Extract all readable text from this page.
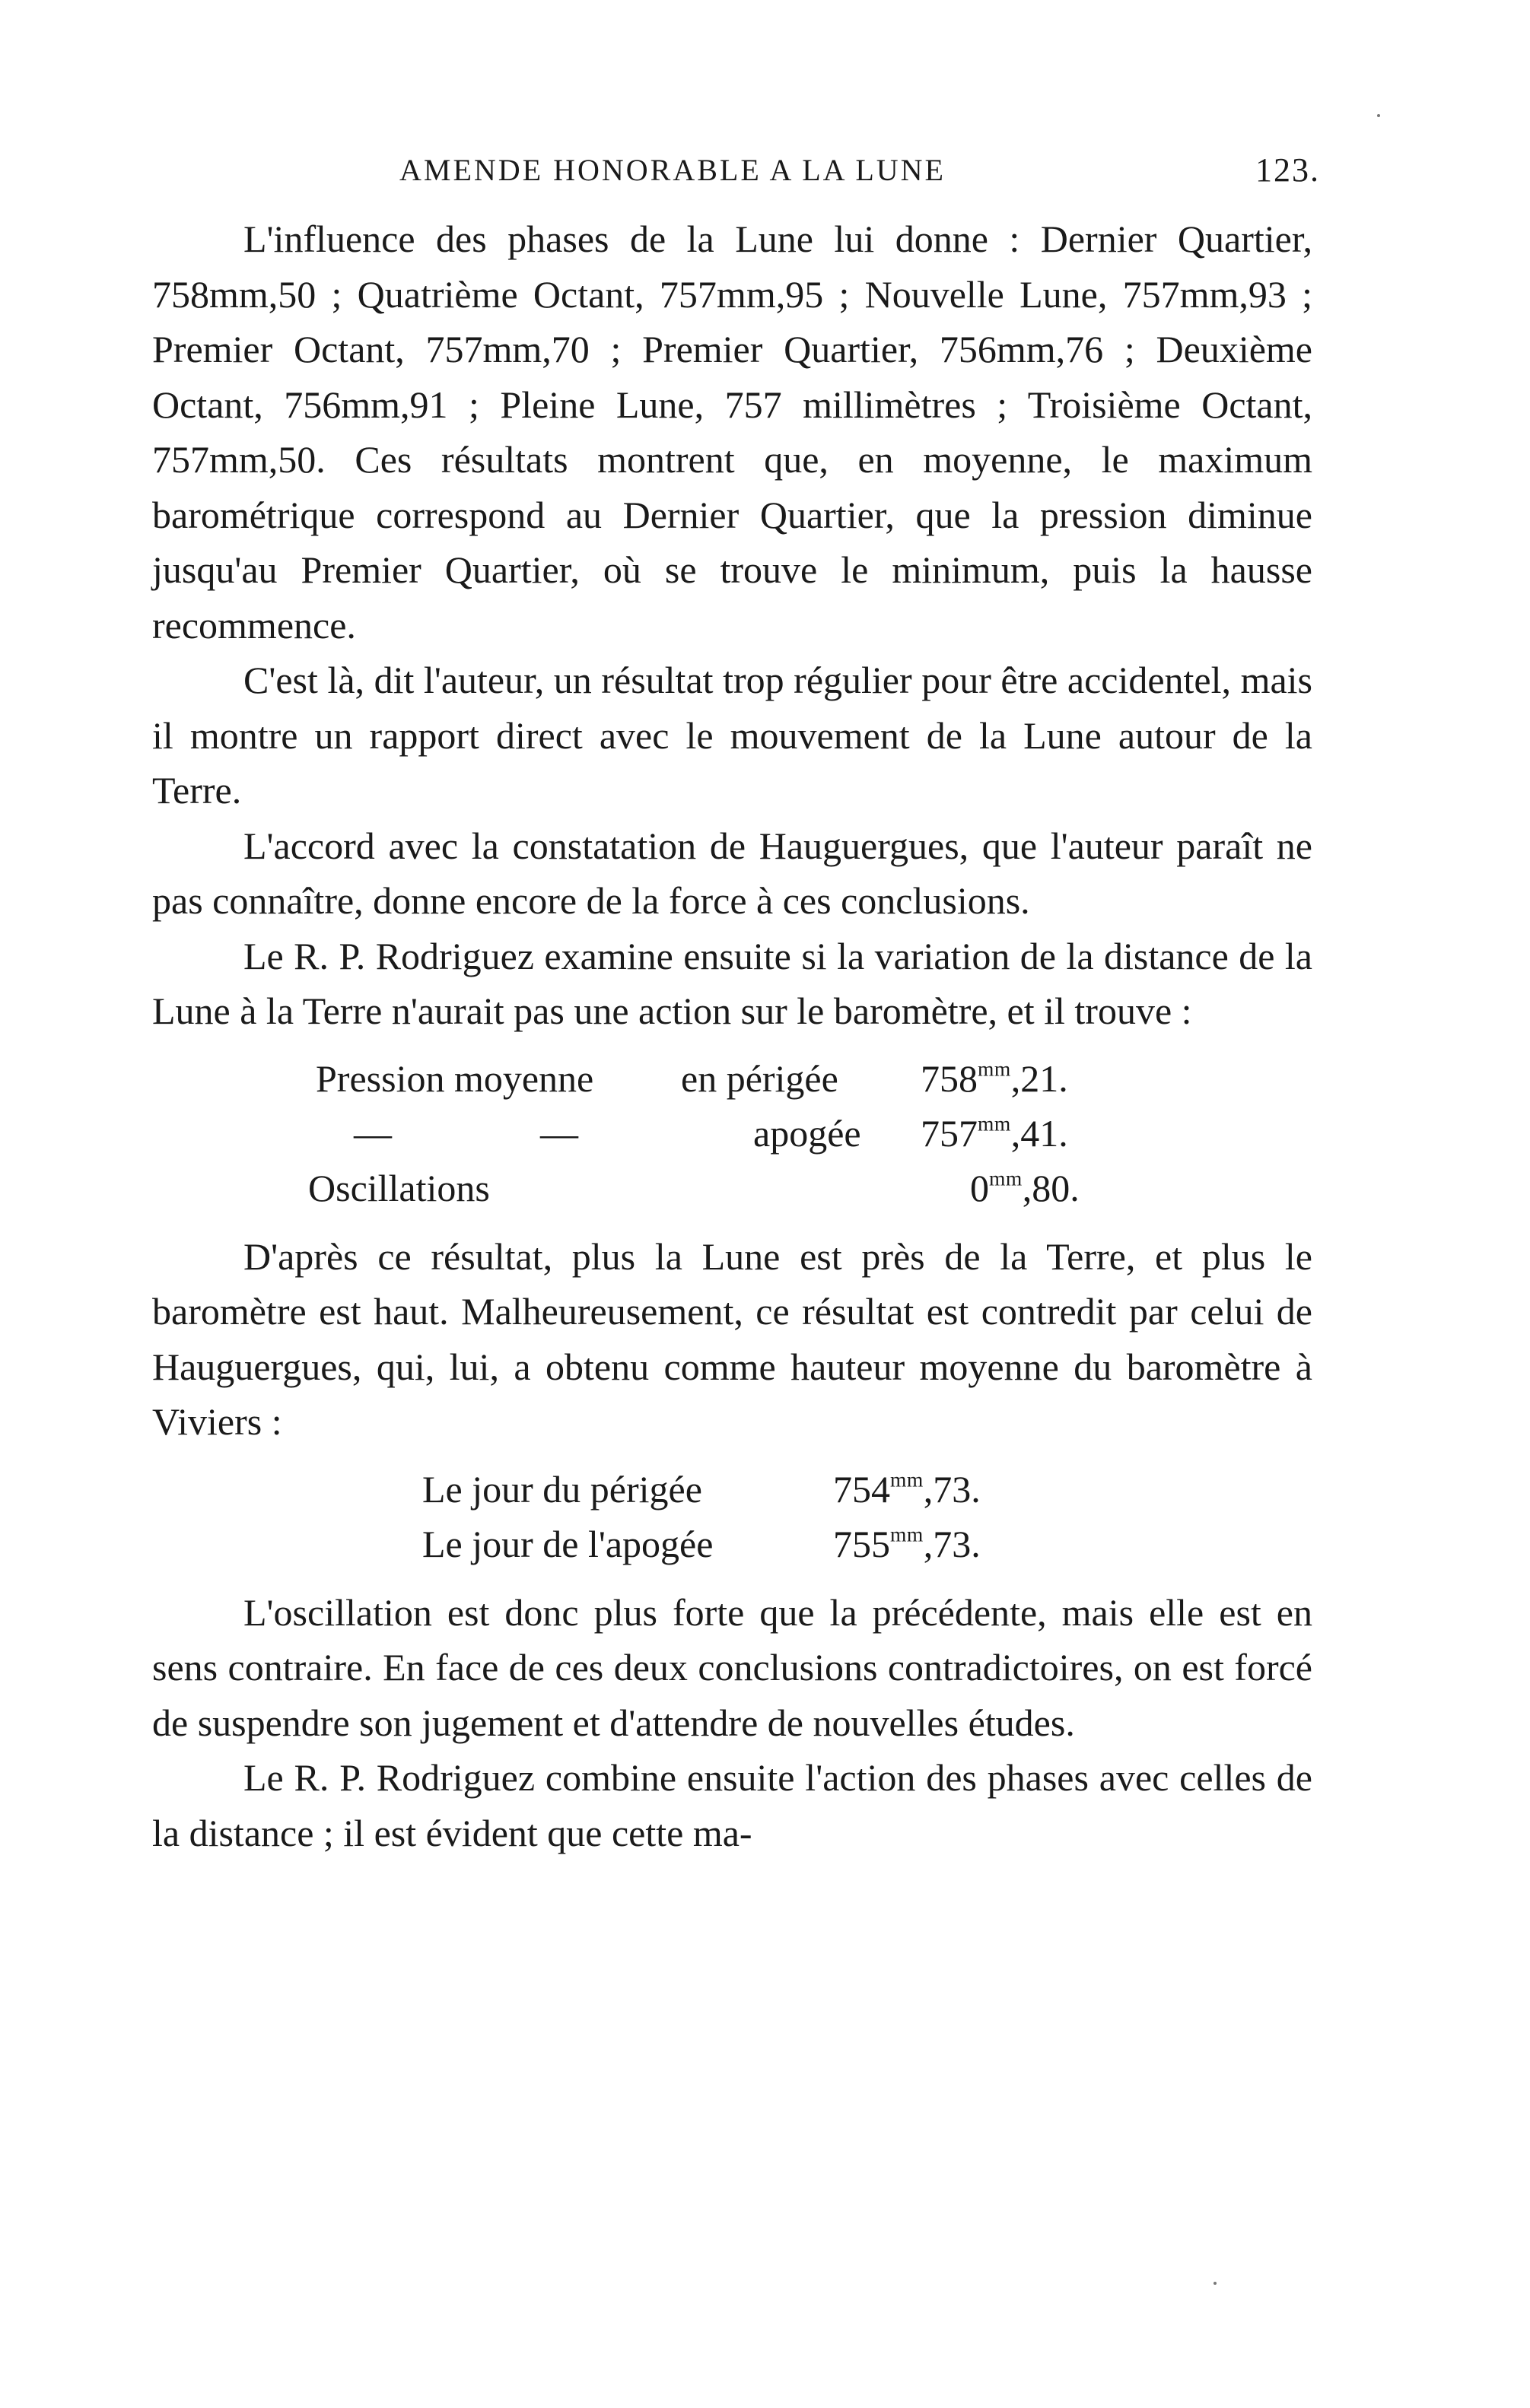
AMENDE HONORABLE A LA LUNE	123.

L'influence des phases de la Lune lui donne : Dernier Quartier, 758mm,50 ; Quatrième Octant, 757mm,95 ; Nouvelle Lune, 757mm,93 ; Premier Octant, 757mm,70 ; Premier Quartier, 756mm,76 ; Deuxième Octant, 756mm,91 ; Pleine Lune, 757 millimètres ; Troisième Octant, 757mm,50. Ces résultats montrent que, en moyenne, le maximum barométrique correspond au Dernier Quartier, que la pression diminue jusqu'au Premier Quartier, où se trouve le minimum, puis la hausse recommence.

C'est là, dit l'auteur, un résultat trop régulier pour être accidentel, mais il montre un rapport direct avec le mouvement de la Lune autour de la Terre.

L'accord avec la constatation de Hauguergues, que l'auteur paraît ne pas connaître, donne encore de la force à ces conclusions.

Le R. P. Rodriguez examine ensuite si la variation de la distance de la Lune à la Terre n'aurait pas une action sur le baromètre, et il trouve :

Pression moyenne en périgée $758^{mm},21$.
—	—	apogée $757^{mm},41$.
Oscillations	$0^{mm},80$.

D'après ce résultat, plus la Lune est près de la Terre, et plus le baromètre est haut. Malheureusement, ce résultat est contredit par celui de Hauguergues, qui, lui, a obtenu comme hauteur moyenne du baromètre à Viviers :

Le jour du périgée	$754^{mm},73$.
Le jour de l'apogée	$755^{mm},73$.

L'oscillation est donc plus forte que la précédente, mais elle est en sens contraire. En face de ces deux conclusions contradictoires, on est forcé de suspendre son jugement et d'attendre de nouvelles études.

Le R. P. Rodriguez combine ensuite l'action des phases avec celles de la distance ; il est évident que cette ma-
